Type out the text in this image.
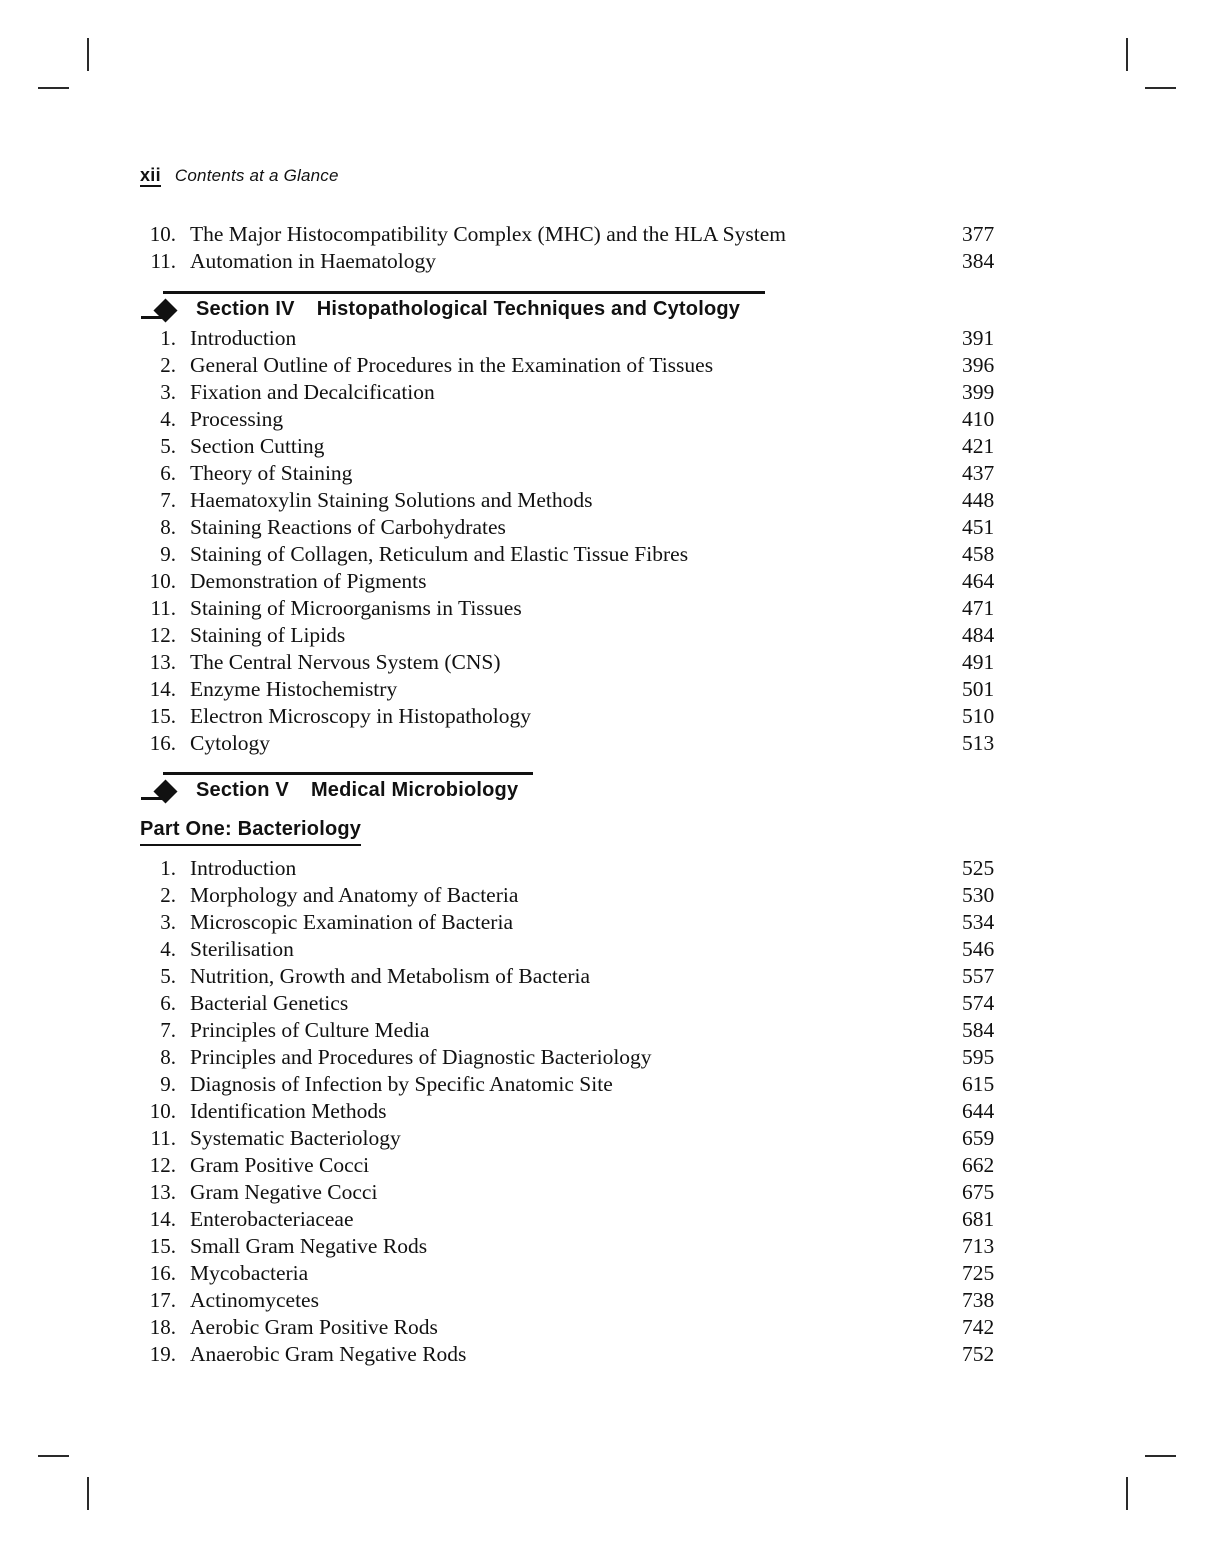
xii Contents at a Glance
10. The Major Histocompatibility Complex (MHC) and the HLA System	377
11. Automation in Haematology	384
Section IV Histopathological Techniques and Cytology
1. Introduction	391
2. General Outline of Procedures in the Examination of Tissues	396
3. Fixation and Decalcification	399
4. Processing	410
5. Section Cutting	421
6. Theory of Staining	437
7. Haematoxylin Staining Solutions and Methods	448
8. Staining Reactions of Carbohydrates	451
9. Staining of Collagen, Reticulum and Elastic Tissue Fibres	458
10. Demonstration of Pigments	464
11. Staining of Microorganisms in Tissues	471
12. Staining of Lipids	484
13. The Central Nervous System (CNS)	491
14. Enzyme Histochemistry	501
15. Electron Microscopy in Histopathology	510
16. Cytology	513
Section V Medical Microbiology
Part One: Bacteriology
1. Introduction	525
2. Morphology and Anatomy of Bacteria	530
3. Microscopic Examination of Bacteria	534
4. Sterilisation	546
5. Nutrition, Growth and Metabolism of Bacteria	557
6. Bacterial Genetics	574
7. Principles of Culture Media	584
8. Principles and Procedures of Diagnostic Bacteriology	595
9. Diagnosis of Infection by Specific Anatomic Site	615
10. Identification Methods	644
11. Systematic Bacteriology	659
12. Gram Positive Cocci	662
13. Gram Negative Cocci	675
14. Enterobacteriaceae	681
15. Small Gram Negative Rods	713
16. Mycobacteria	725
17. Actinomycetes	738
18. Aerobic Gram Positive Rods	742
19. Anaerobic Gram Negative Rods	752
